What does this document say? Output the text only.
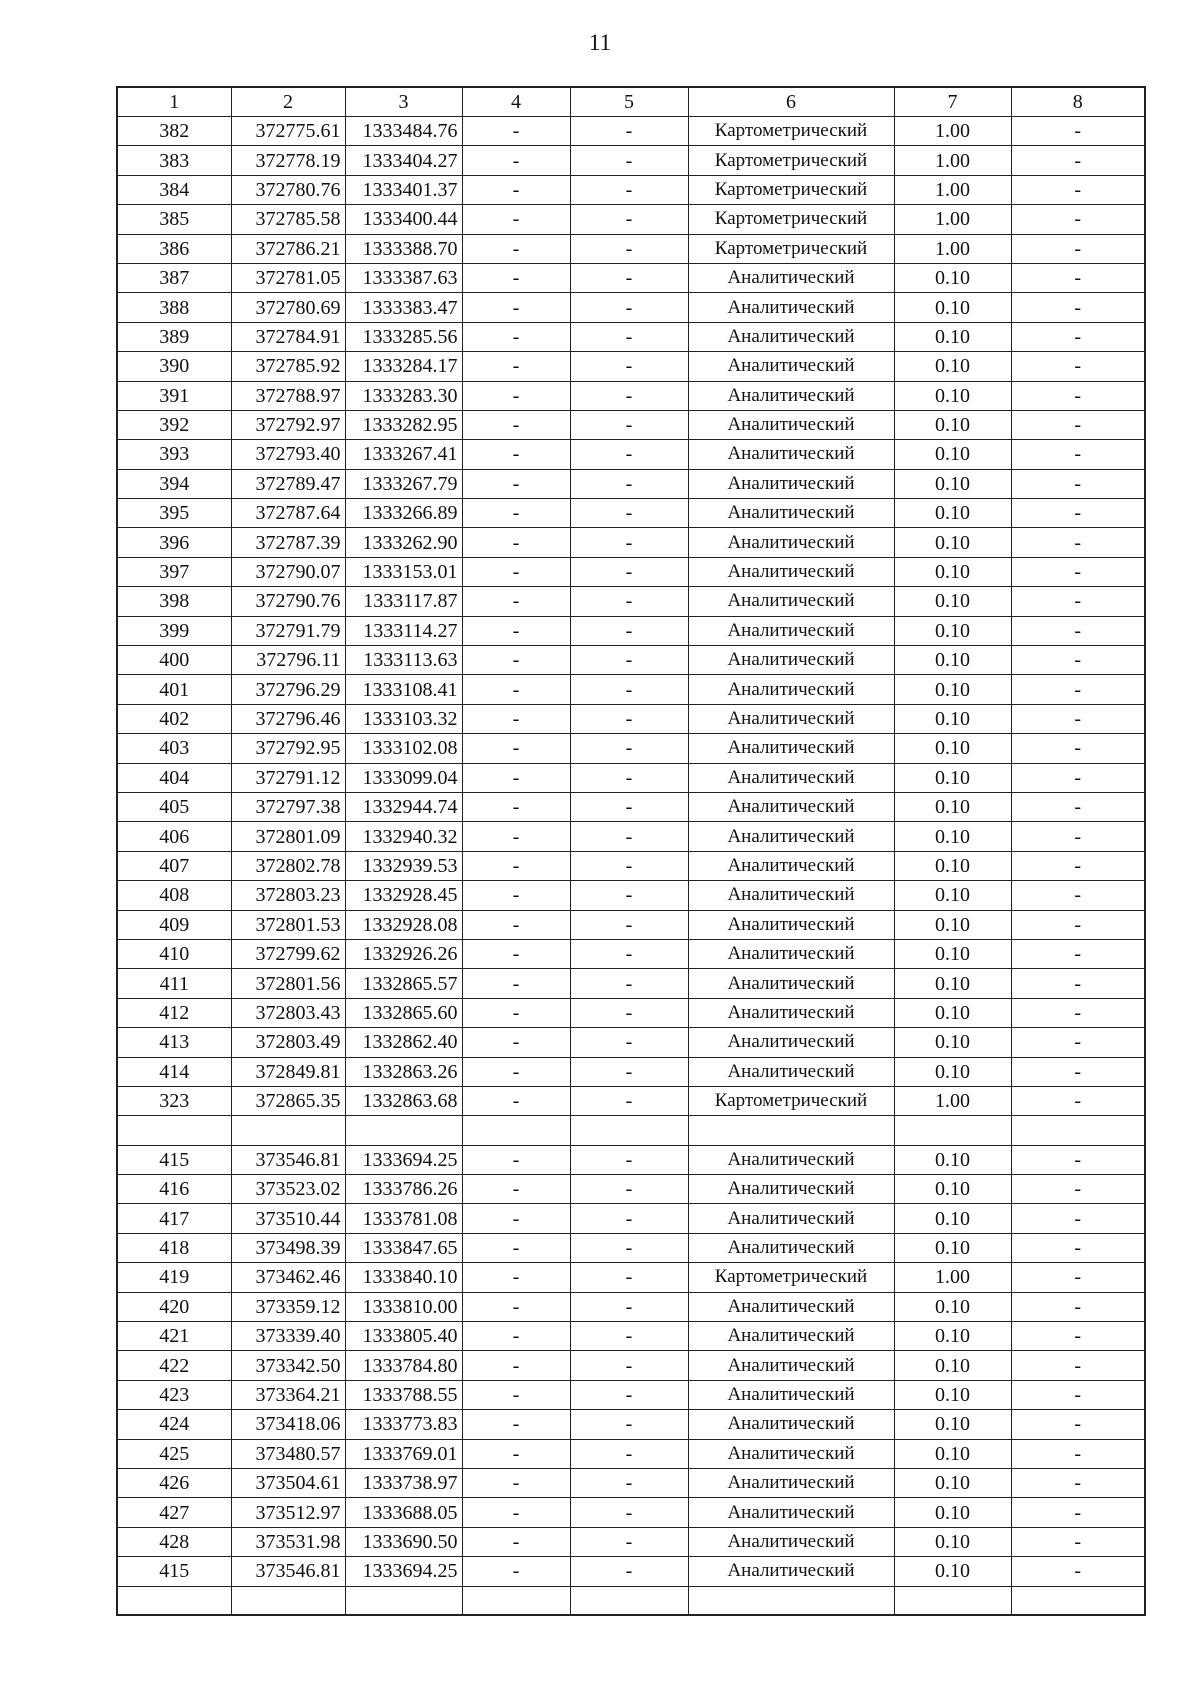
11
1	2	3	4	5	6	7	8
382	372775.61	1333484.76	-	-	Картометрический	1.00	-
383	372778.19	1333404.27	-	-	Картометрический	1.00	-
384	372780.76	1333401.37	-	-	Картометрический	1.00	-
385	372785.58	1333400.44	-	-	Картометрический	1.00	-
386	372786.21	1333388.70	-	-	Картометрический	1.00	-
387	372781.05	1333387.63	-	-	Аналитический	0.10	-
388	372780.69	1333383.47	-	-	Аналитический	0.10	-
389	372784.91	1333285.56	-	-	Аналитический	0.10	-
390	372785.92	1333284.17	-	-	Аналитический	0.10	-
391	372788.97	1333283.30	-	-	Аналитический	0.10	-
392	372792.97	1333282.95	-	-	Аналитический	0.10	-
393	372793.40	1333267.41	-	-	Аналитический	0.10	-
394	372789.47	1333267.79	-	-	Аналитический	0.10	-
395	372787.64	1333266.89	-	-	Аналитический	0.10	-
396	372787.39	1333262.90	-	-	Аналитический	0.10	-
397	372790.07	1333153.01	-	-	Аналитический	0.10	-
398	372790.76	1333117.87	-	-	Аналитический	0.10	-
399	372791.79	1333114.27	-	-	Аналитический	0.10	-
400	372796.11	1333113.63	-	-	Аналитический	0.10	-
401	372796.29	1333108.41	-	-	Аналитический	0.10	-
402	372796.46	1333103.32	-	-	Аналитический	0.10	-
403	372792.95	1333102.08	-	-	Аналитический	0.10	-
404	372791.12	1333099.04	-	-	Аналитический	0.10	-
405	372797.38	1332944.74	-	-	Аналитический	0.10	-
406	372801.09	1332940.32	-	-	Аналитический	0.10	-
407	372802.78	1332939.53	-	-	Аналитический	0.10	-
408	372803.23	1332928.45	-	-	Аналитический	0.10	-
409	372801.53	1332928.08	-	-	Аналитический	0.10	-
410	372799.62	1332926.26	-	-	Аналитический	0.10	-
411	372801.56	1332865.57	-	-	Аналитический	0.10	-
412	372803.43	1332865.60	-	-	Аналитический	0.10	-
413	372803.49	1332862.40	-	-	Аналитический	0.10	-
414	372849.81	1332863.26	-	-	Аналитический	0.10	-
323	372865.35	1332863.68	-	-	Картометрический	1.00	-

415	373546.81	1333694.25	-	-	Аналитический	0.10	-
416	373523.02	1333786.26	-	-	Аналитический	0.10	-
417	373510.44	1333781.08	-	-	Аналитический	0.10	-
418	373498.39	1333847.65	-	-	Аналитический	0.10	-
419	373462.46	1333840.10	-	-	Картометрический	1.00	-
420	373359.12	1333810.00	-	-	Аналитический	0.10	-
421	373339.40	1333805.40	-	-	Аналитический	0.10	-
422	373342.50	1333784.80	-	-	Аналитический	0.10	-
423	373364.21	1333788.55	-	-	Аналитический	0.10	-
424	373418.06	1333773.83	-	-	Аналитический	0.10	-
425	373480.57	1333769.01	-	-	Аналитический	0.10	-
426	373504.61	1333738.97	-	-	Аналитический	0.10	-
427	373512.97	1333688.05	-	-	Аналитический	0.10	-
428	373531.98	1333690.50	-	-	Аналитический	0.10	-
415	373546.81	1333694.25	-	-	Аналитический	0.10	-
